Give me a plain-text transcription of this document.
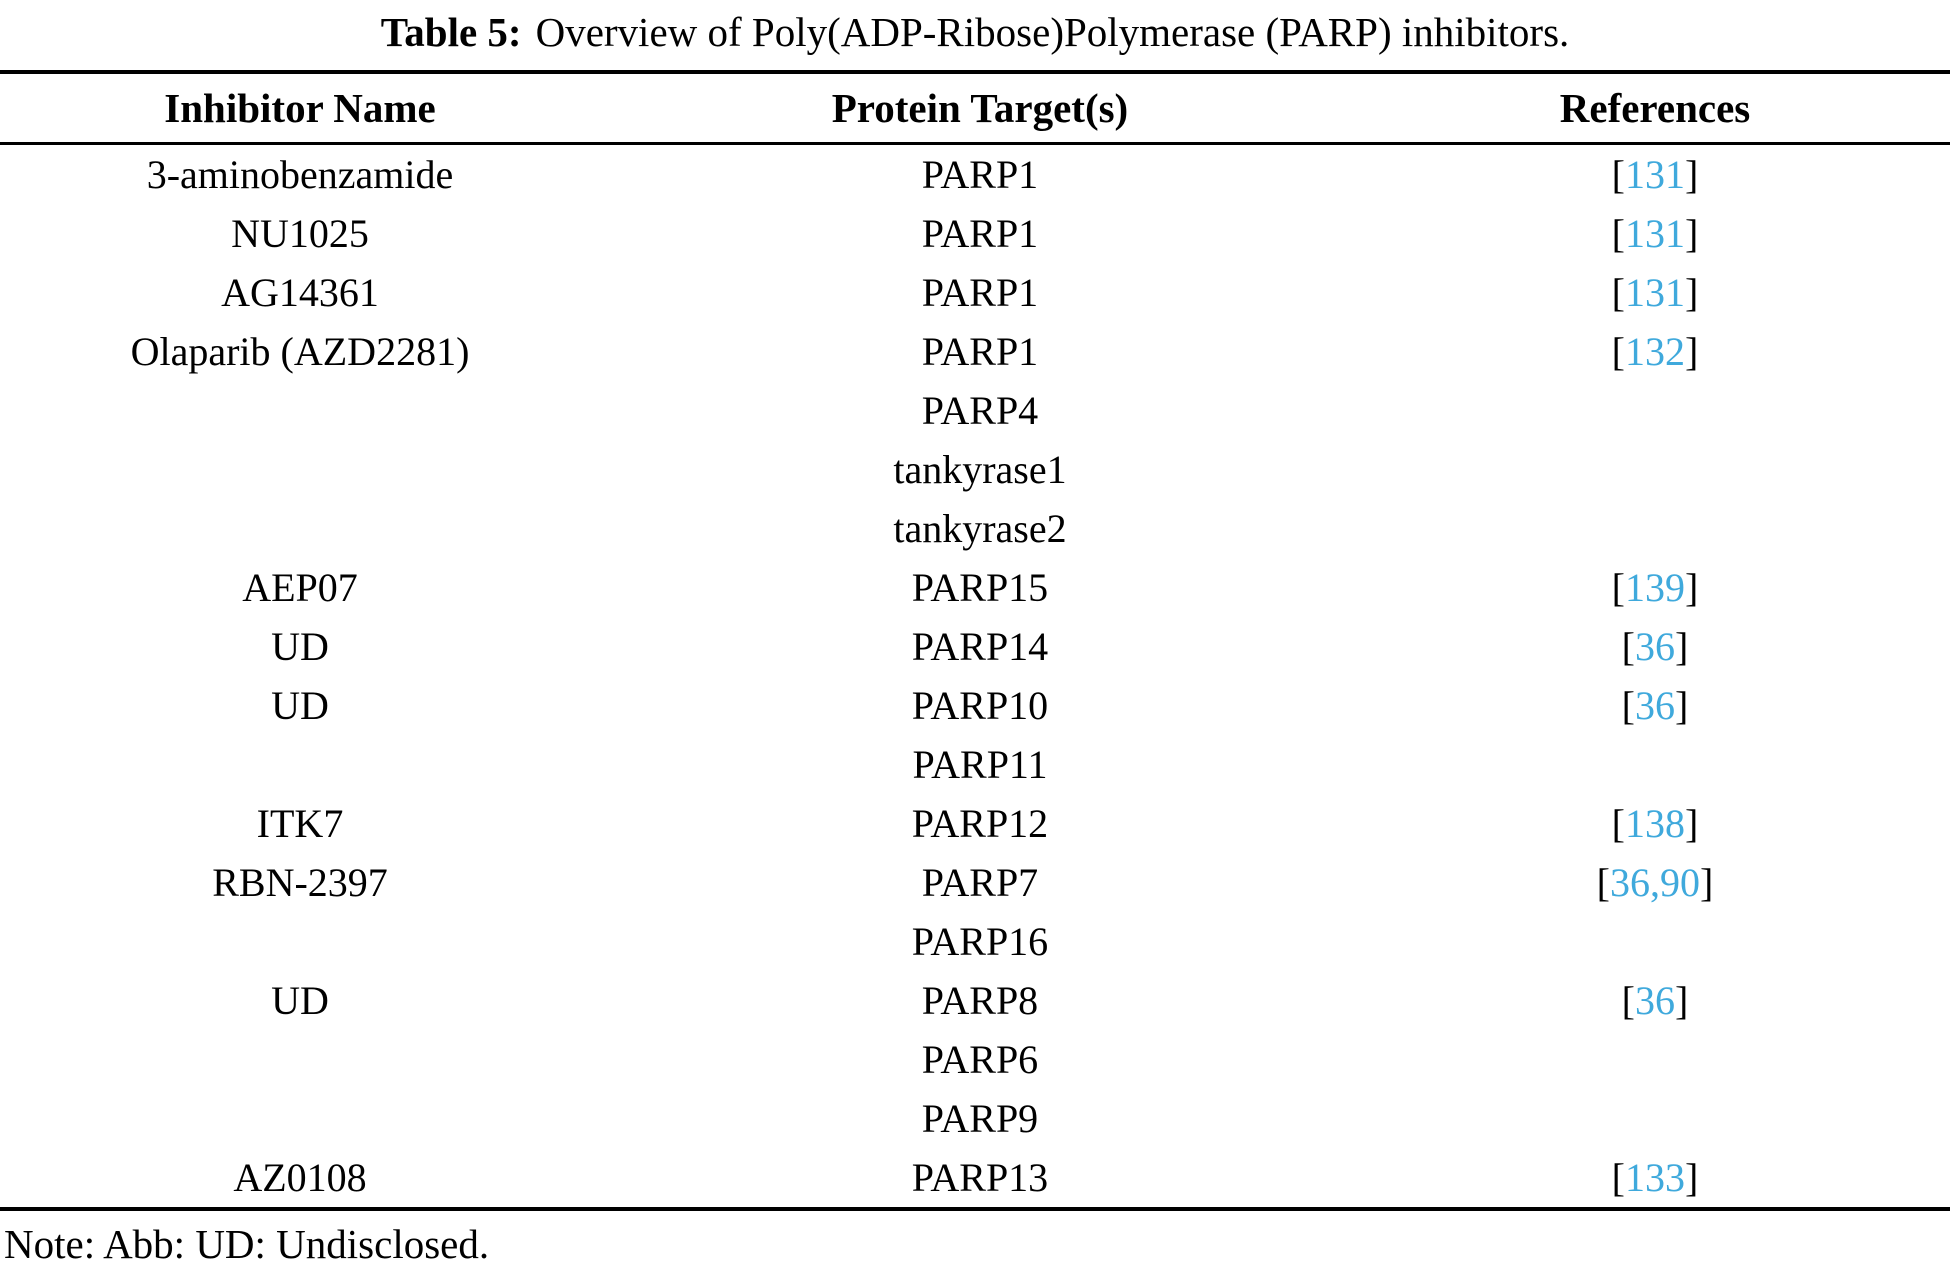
Table 5: Overview of Poly(ADP-Ribose)Polymerase (PARP) inhibitors.
Inhibitor Name	Protein Target(s)	References
3-aminobenzamide	PARP1	[131]
NU1025	PARP1	[131]
AG14361	PARP1	[131]
Olaparib (AZD2281)	PARP1	[132]
	PARP4	
	tankyrase1	
	tankyrase2	
AEP07	PARP15	[139]
UD	PARP14	[36]
UD	PARP10	[36]
	PARP11	
ITK7	PARP12	[138]
RBN-2397	PARP7	[36,90]
	PARP16	
UD	PARP8	[36]
	PARP6	
	PARP9	
AZ0108	PARP13	[133]
Note: Abb: UD: Undisclosed.
